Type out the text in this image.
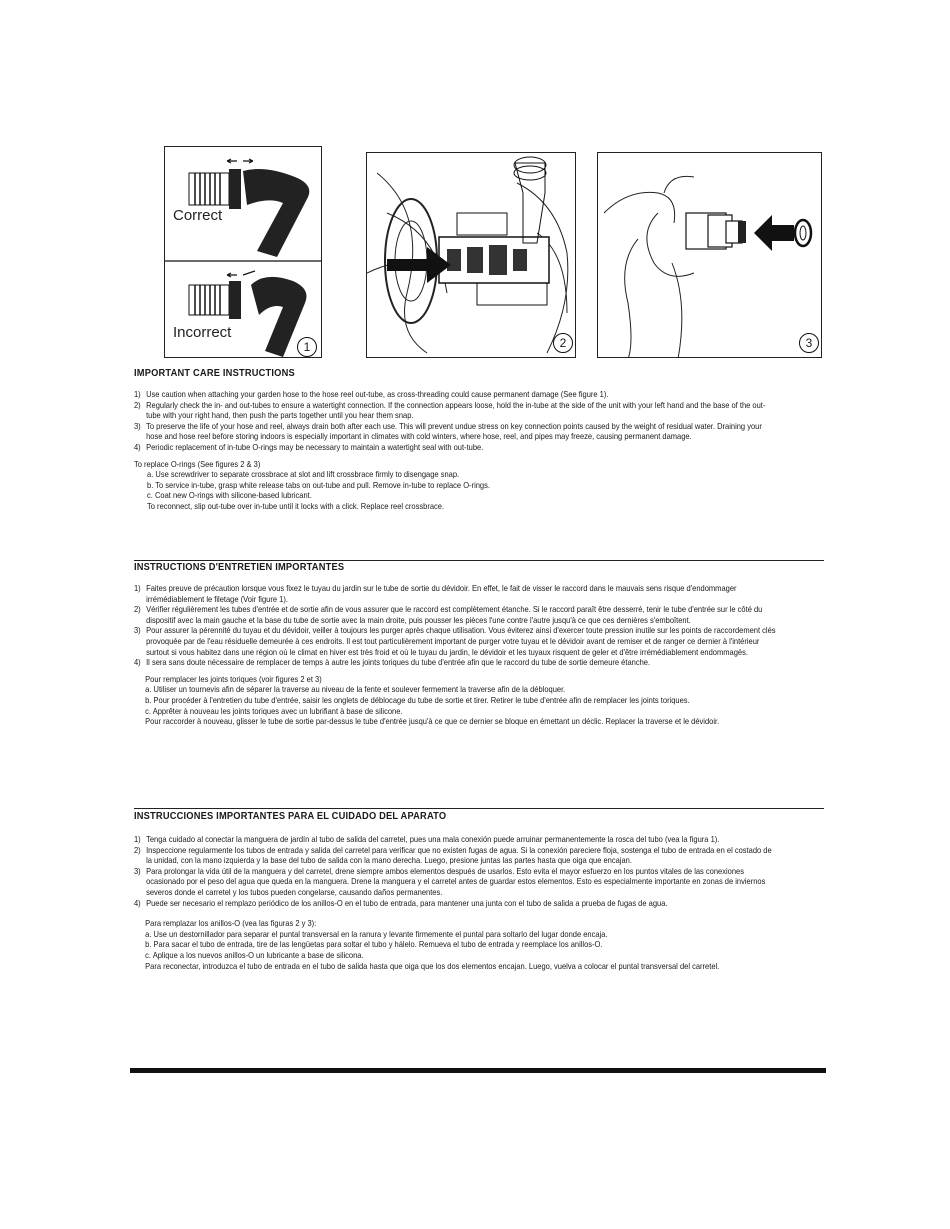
Correct
Incorrect
1	2	3
IMPORTANT CARE INSTRUCTIONS
1) Use caution when attaching your garden hose to the hose reel out-tube, as cross-threading could cause permanent damage (See figure 1).
2) Regularly check the in- and out-tubes to ensure a watertight connection. If the connection appears loose, hold the in-tube at the side of the unit with your left hand and the base of the out-tube with your right hand, then push the parts together until you hear them snap.
3) To preserve the life of your hose and reel, always drain both after each use. This will prevent undue stress on key connection points caused by the weight of residual water. Draining your hose and hose reel before storing indoors is especially important in climates with cold winters, where hose, reel, and pipes may freeze, causing permanent damage.
4) Periodic replacement of in-tube O-rings may be necessary to maintain a watertight seal with out-tube.
To replace O-rings (See figures 2 & 3)
a. Use screwdriver to separate crossbrace at slot and lift crossbrace firmly to disengage snap.
b. To service in-tube, grasp white release tabs on out-tube and pull. Remove in-tube to replace O-rings.
c. Coat new O-rings with silicone-based lubricant.
To reconnect, slip out-tube over in-tube until it locks with a click. Replace reel crossbrace.
INSTRUCTIONS D'ENTRETIEN IMPORTANTES
1) Faites preuve de précaution lorsque vous fixez le tuyau du jardin sur le tube de sortie du dévidoir. En effet, le fait de visser le raccord dans le mauvais sens risque d'endommager irrémédiablement le filetage (Voir figure 1).
2) Vérifier régulièrement les tubes d'entrée et de sortie afin de vous assurer que le raccord est complètement étanche. Si le raccord paraît être desserré, tenir le tube d'entrée sur le côté du dispositif avec la main gauche et la base du tube de sortie avec la main droite, puis pousser les pièces l'une contre l'autre jusqu'à ce que ces dernières s'emboîtent.
3) Pour assurer la pérennité du tuyau et du dévidoir, veiller à toujours les purger après chaque utilisation. Vous éviterez ainsi d'exercer toute pression inutile sur les points de raccordement clés provoquée par de l'eau résiduelle demeurée à ces endroits. Il est tout particulièrement important de purger votre tuyau et le dévidoir avant de remiser et de ranger ce dernier à l'intérieur surtout si vous habitez dans une région où le climat en hiver est très froid et où le tuyau du jardin, le dévidoir et les tuyaux risquent de geler et d'être irrémédiablement endommagés.
4) Il sera sans doute nécessaire de remplacer de temps à autre les joints toriques du tube d'entrée afin que le raccord du tube de sortie demeure étanche.
Pour remplacer les joints toriques (voir figures 2 et 3)
a. Utiliser un tournevis afin de séparer la traverse au niveau de la fente et soulever fermement la traverse afin de la débloquer.
b. Pour procéder à l'entretien du tube d'entrée, saisir les onglets de déblocage du tube de sortie et tirer. Retirer le tube d'entrée afin de remplacer les joints toriques.
c. Apprêter à nouveau les joints toriques avec un lubrifiant à base de silicone.
Pour raccorder à nouveau, glisser le tube de sortie par-dessus le tube d'entrée jusqu'à ce que ce dernier se bloque en émettant un déclic. Replacer la traverse et le dévidoir.
INSTRUCCIONES IMPORTANTES PARA EL CUIDADO DEL APARATO
1) Tenga cuidado al conectar la manguera de jardín al tubo de salida del carretel, pues una mala conexión puede arruinar permanentemente la rosca del tubo (vea la figura 1).
2) Inspeccione regularmente los tubos de entrada y salida del carretel para verificar que no existen fugas de agua. Si la conexión pareciere floja, sostenga el tubo de entrada en el costado de la unidad, con la mano izquierda y la base del tubo de salida con la mano derecha. Luego, presione juntas las partes hasta que oiga que encajan.
3) Para prolongar la vida útil de la manguera y del carretel, drene siempre ambos elementos después de usarlos. Esto evita el mayor esfuerzo en los puntos vitales de las conexiones ocasionado por el peso del agua que queda en la manguera. Drene la manguera y el carretel antes de guardar estos elementos. Esto es especialmente importante en zonas de inviernos severos donde el carretel y los tubos pueden congelarse, causando daños permanentes.
4) Puede ser necesario el remplazo periódico de los anillos-O en el tubo de entrada, para mantener una junta con el tubo de salida a prueba de fugas de agua.
Para remplazar los anillos-O (vea las figuras 2 y 3):
a. Use un destornillador para separar el puntal transversal en la ranura y levante firmemente el puntal para soltarlo del lugar donde encaja.
b. Para sacar el tubo de entrada, tire de las lengüetas para soltar el tubo y hálelo. Remueva el tubo de entrada y reemplace los anillos-O.
c. Aplique a los nuevos anillos-O un lubricante a base de silicona.
Para reconectar, introduzca el tubo de entrada en el tubo de salida hasta que oiga que los dos elementos encajan. Luego, vuelva a colocar el puntal transversal del carretel.
